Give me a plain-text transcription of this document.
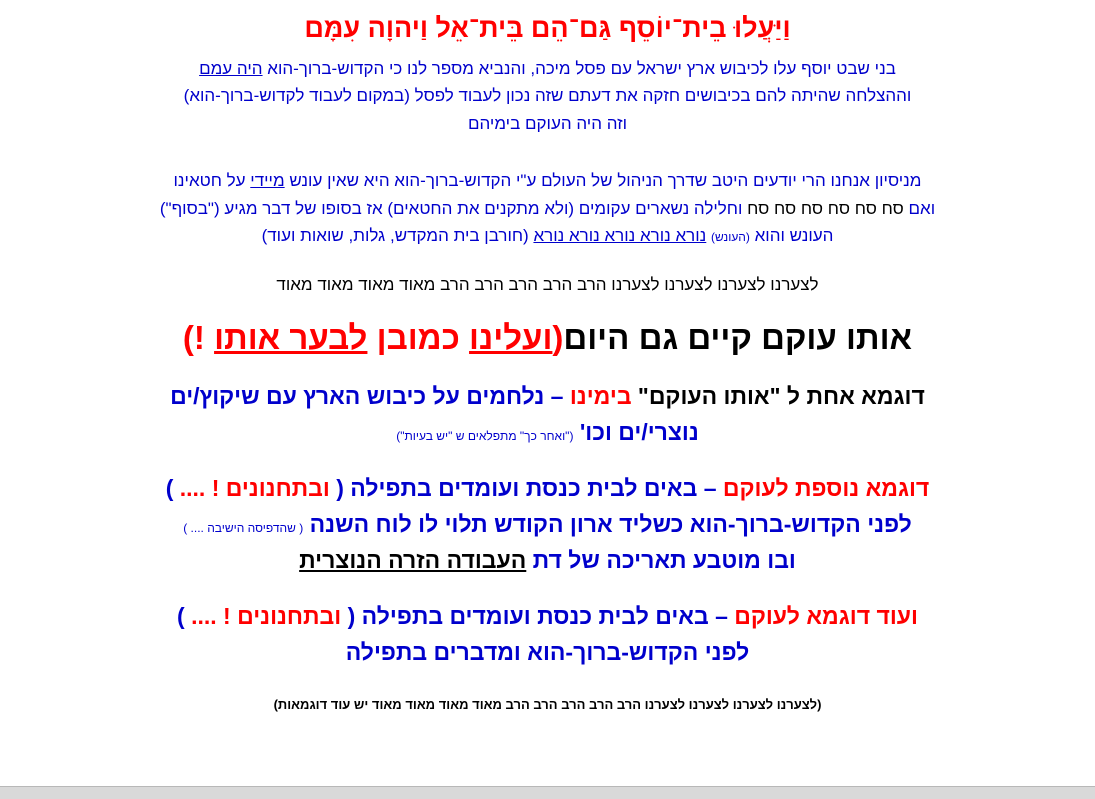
וַיַּעֲלוּ בֵית־יוֹסֵף גַּם־הֵם בֵּית־אֵל וַיהוָה עִמָּם
בני שבט יוסף עלו לכיבוש ארץ ישראל עם פסל מיכה, והנביא מספר לנו כי הקדוש-ברוך-הוא היה עמם
וההצלחה שהיתה להם בכיבושים חזקה את דעתם שזה נכון לעבוד לפסל (במקום לעבוד לקדוש-ברוך-הוא)
וזה היה העוקם בימיהם
מניסיון אנחנו הרי יודעים היטב שדרך הניהול של העולם ע"י הקדוש-ברוך-הוא היא שאין עונש מיידי על חטאינו
ואם סח סח סח סח סח סח וחלילה נשארים עקומים (ולא מתקנים את החטאים) אז בסופו של דבר מגיע ("בסוף")
העונש והוא (העונש) נורא נורא נורא נורא נורא (חורבן בית המקדש, גלות, שואות ועוד)
לצערנו לצערנו לצערנו לצערנו הרב הרב הרב הרב הרב מאוד מאוד מאוד מאוד
אותו עוקם קיים גם היום(ועלינו כמובן לבער אותו !)
דוגמא אחת ל "אותו העוקם" בימינו – נלחמים על כיבוש הארץ עם שיקוץ/ים
נוצרי/ים וכו' ("ואחר כך" מתפלאים ש "יש בעיות")
דוגמא נוספת לעוקם – באים לבית כנסת ועומדים בתפילה ( ובתחנונים ! .... )
לפני הקדוש-ברוך-הוא כשליד ארון הקודש תלוי לו לוח השנה ( שהדפיסה הישיבה .... )
ובו מוטבע תאריכה של דת העבודה הזרה הנוצרית
ועוד דוגמא לעוקם – באים לבית כנסת ועומדים בתפילה ( ובתחנונים ! .... )
לפני הקדוש-ברוך-הוא ומדברים בתפילה
(לצערנו לצערנו לצערנו לצערנו הרב הרב הרב הרב הרב מאוד מאוד מאוד מאוד יש עוד דוגמאות)
